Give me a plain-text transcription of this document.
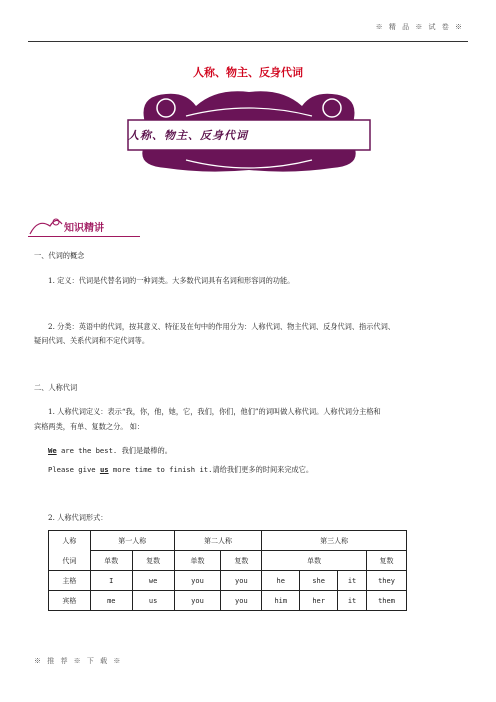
※ 精 品 ※ 试 卷 ※
人称、物主、反身代词
人称、物主、反身代词
知识精讲
一、代词的概念
1. 定义：代词是代替名词的一种词类。大多数代词具有名词和形容词的功能。
2. 分类：英语中的代词，按其意义、特征及在句中的作用分为：人称代词、物主代词、反身代词、指示代词、
疑问代词、关系代词和不定代词等。
二、人称代词
1. 人称代词定义：表示“我，你，他，她，它，我们，你们，他们”的词叫做人称代词。人称代词分主格和
宾格两类，有单、复数之分。 如：
We are the best. 我们是最棒的。
Please give us more time to finish it.请给我们更多的时间来完成它。
2. 人称代词形式：
人称
代词	第一人称		第二人称		第三人称			
	单数	复数	单数	复数	单数			复数
主格	I	we	you	you	he	she	it	they
宾格	me	us	you	you	him	her	it	them
※ 推 荐 ※ 下 载 ※
